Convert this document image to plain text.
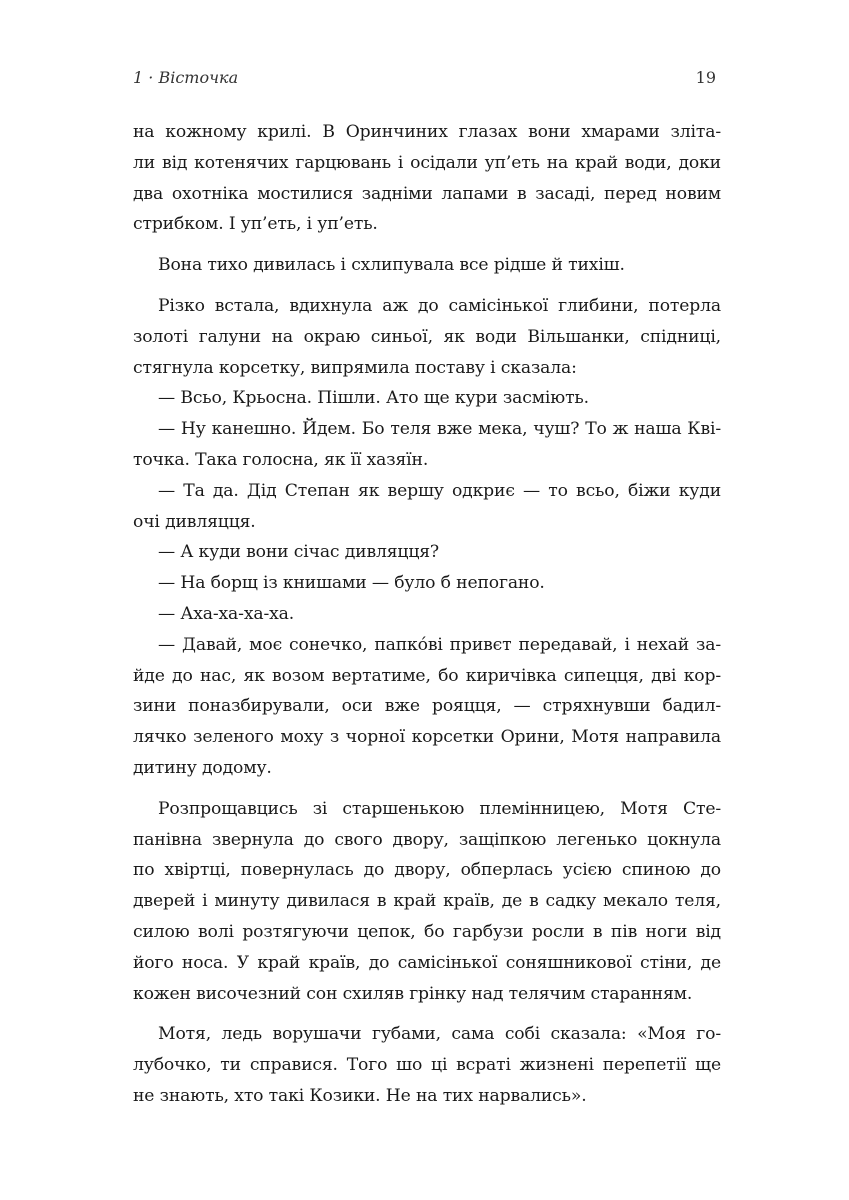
1 · Вісточка	19
на кожному крилі. В Оринчиних глазах вони хмарами зліта-
ли від котенячих гарцювань і осідали уп’еть на край води, доки
два охотніка мостилися задніми лапами в засаді, перед новим
стрибком. І уп’еть, і уп’еть.
Вона тихо дивилась і схлипувала все рідше й тихіш.
Різко встала, вдихнула аж до самісінької глибини, потерла
золоті галуни на окраю синьої, як води Вільшанки, спідниці,
стягнула корсетку, випрямила поставу і сказала:
— Всьо, Крьосна. Пішли. Ато ще кури засміють.
— Ну канешно. Йдем. Бо теля вже мека, чуш? То ж наша Кві-
точка. Така голосна, як її хазяїн.
— Та да. Дід Степан як вершу одкриє — то всьо, біжи куди
очі дивляцця.
— А куди вони січас дивляцця?
— На борщ із книшами — було б непогано.
— Аха-ха-ха-ха.
— Давай, моє сонечко, папко́ві привєт передавай, і нехай за-
йде до нас, як возом вертатиме, бо киричівка сипецця, дві кор-
зини поназбирували, оси вже рояцця, — стряхнувши бадил-
лячко зеленого моху з чорної корсетки Орини, Мотя направила
дитину додому.
Розпрощавцись зі старшенькою племінницею, Мотя Сте-
панівна звернула до свого двору, защіпкою легенько цокнула
по хвіртці, повернулась до двору, обперлась усією спиною до
дверей і минуту дивилася в край країв, де в садку мекало теля,
силою волі розтягуючи цепок, бо гарбузи росли в пів ноги від
його носа. У край країв, до самісінької соняшникової стіни, де
кожен височезний сон схиляв грінку над телячим старанням.
Мотя, ледь ворушачи губами, сама собі сказала: «Моя го-
лубочко, ти справися. Того шо ці всраті жизнені перепетії ще
не знають, хто такі Козики. Не на тих нарвались».
